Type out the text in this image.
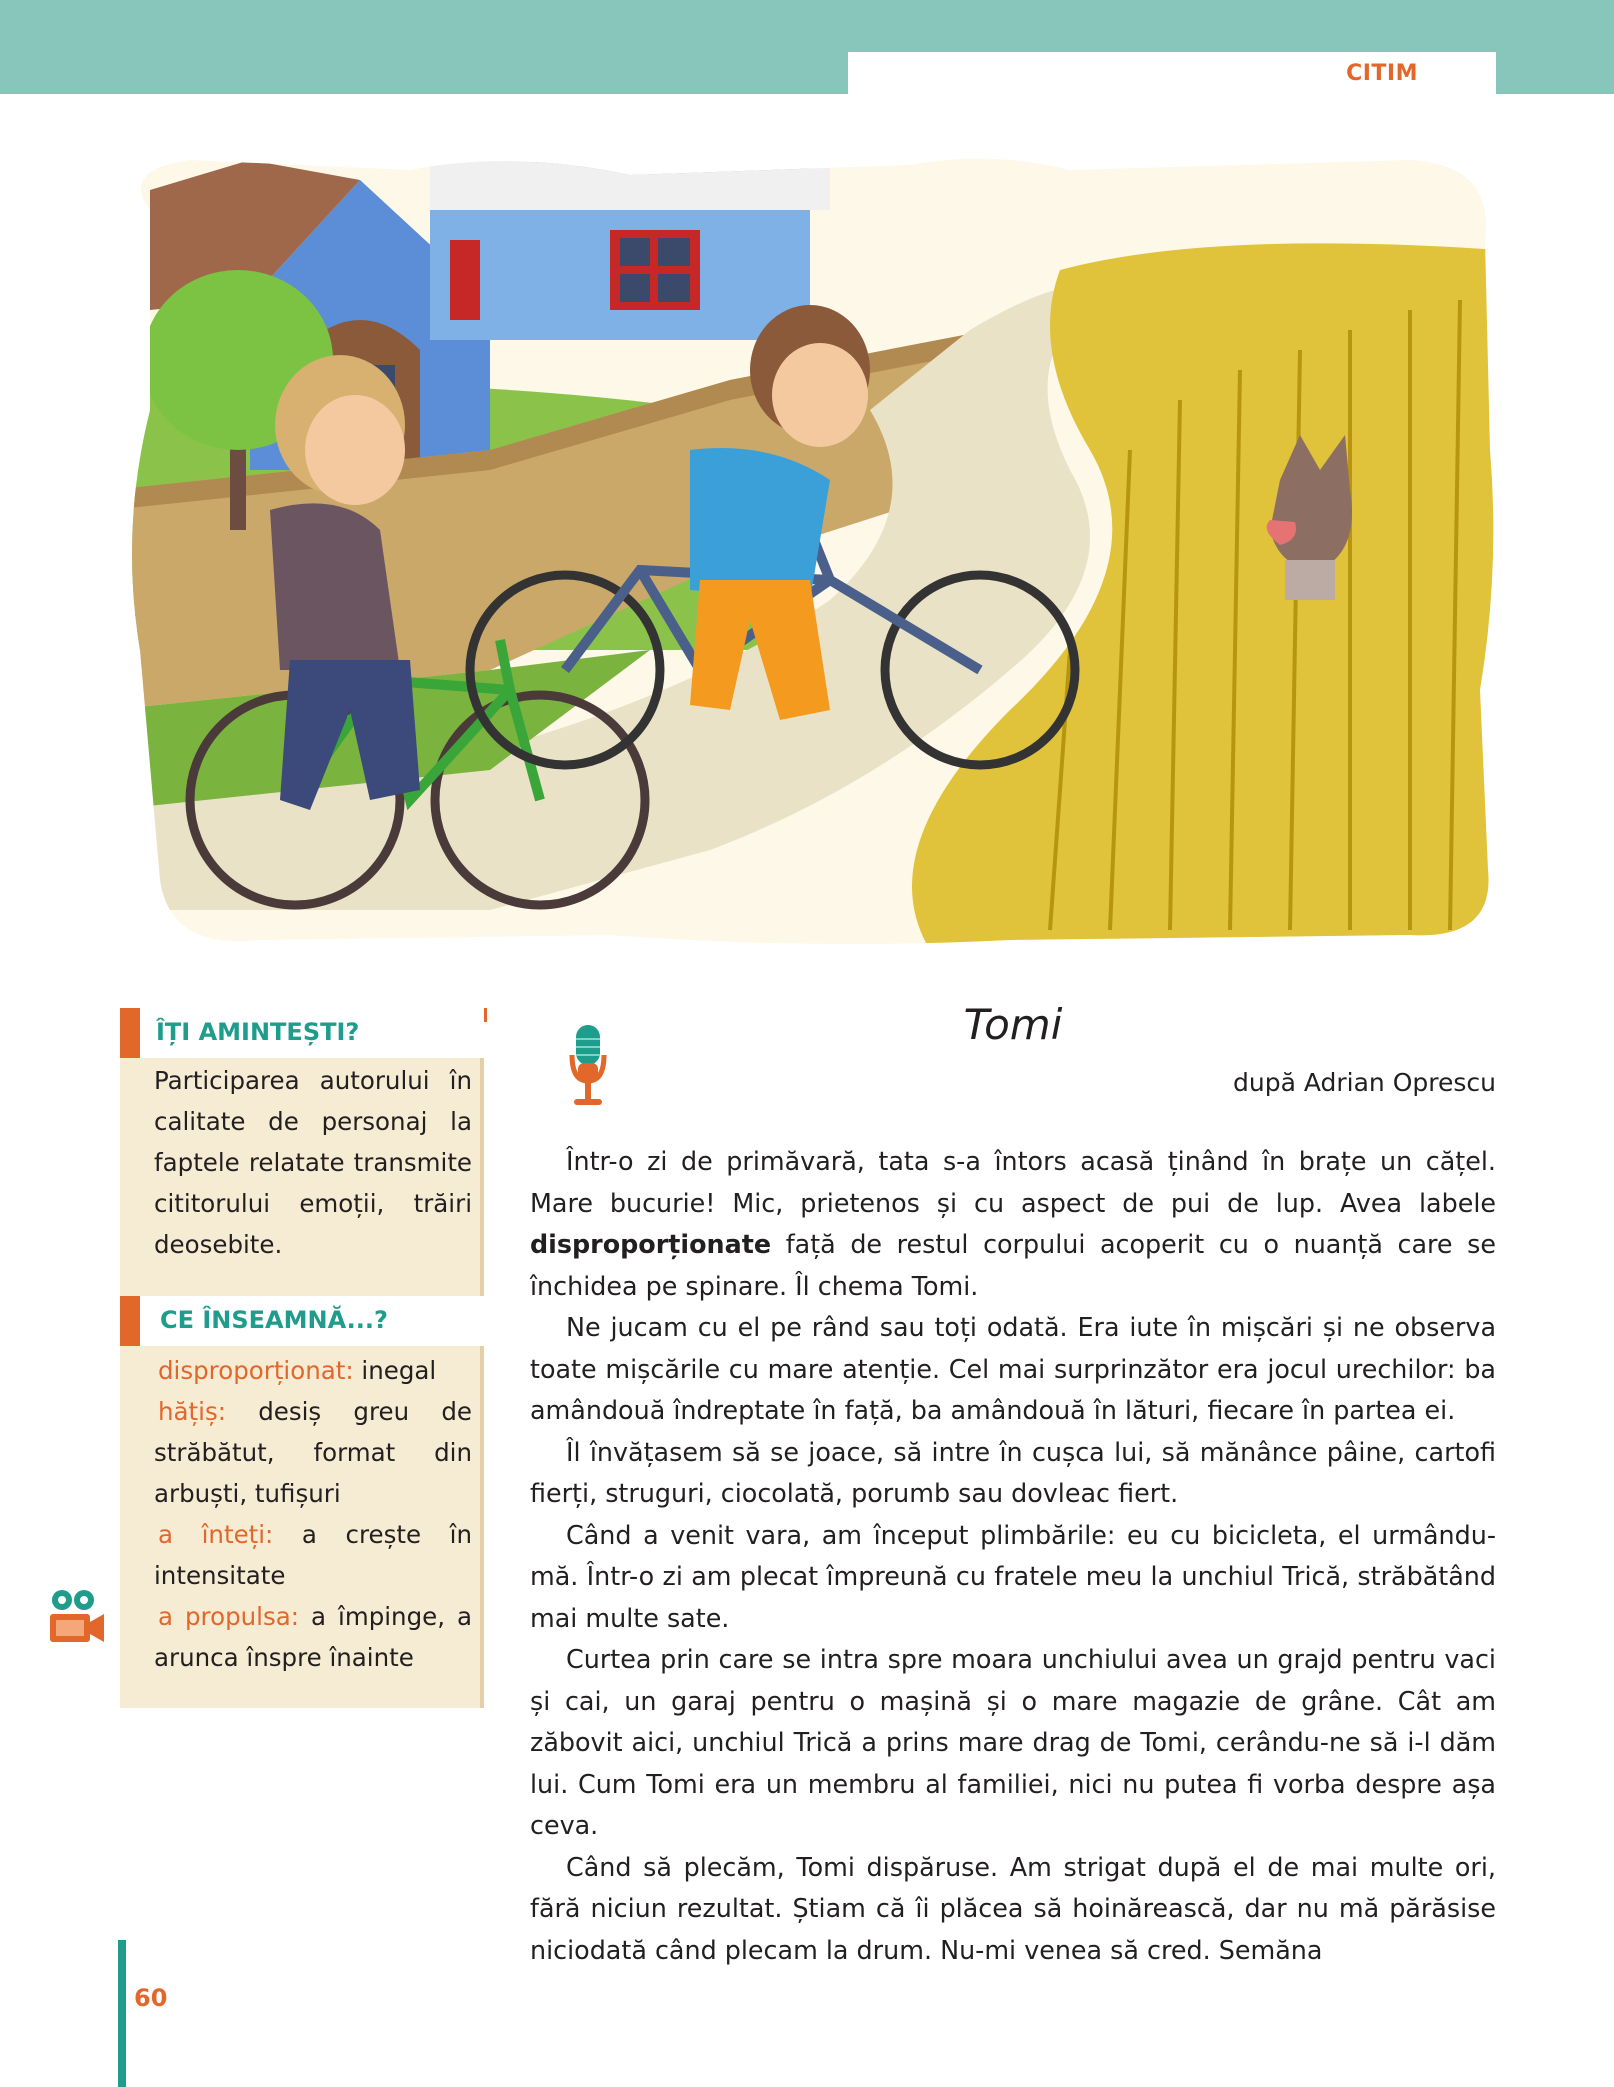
CITIM
ÎȚI AMINTEȘTI?

Participarea autorului în calitate de personaj la faptele relatate transmite cititorului emoții, trăiri deosebite.

CE ÎNSEAMNĂ...?

disproporționat: inegal

hățiș: desiș greu de străbătut, format din arbuști, tufișuri

a înteți: a crește în intensitate

a propulsa: a împinge, a arunca înspre înainte

Tomi
după Adrian Oprescu

Într-o zi de primăvară, tata s-a întors acasă ținând în brațe un cățel. Mare bucurie! Mic, prietenos și cu aspect de pui de lup. Avea labele disproporționate față de restul corpului acoperit cu o nuanță care se închidea pe spinare. Îl chema Tomi.

Ne jucam cu el pe rând sau toți odată. Era iute în mișcări și ne observa toate mișcările cu mare atenție. Cel mai surprinzător era jocul urechilor: ba amândouă îndreptate în față, ba amândouă în lături, fiecare în partea ei.

Îl învățasem să se joace, să intre în cușca lui, să mănânce pâine, cartofi fierți, struguri, ciocolată, porumb sau dovleac fiert.

Când a venit vara, am început plimbările: eu cu bicicleta, el urmându-mă. Într-o zi am plecat împreună cu fratele meu la unchiul Trică, străbătând mai multe sate.

Curtea prin care se intra spre moara unchiului avea un grajd pentru vaci și cai, un garaj pentru o mașină și o mare magazie de grâne. Cât am zăbovit aici, unchiul Trică a prins mare drag de Tomi, cerându-ne să i-l dăm lui. Cum Tomi era un membru al familiei, nici nu putea fi vorba despre așa ceva.

Când să plecăm, Tomi dispăruse. Am strigat după el de mai multe ori, fără niciun rezultat. Știam că îi plăcea să hoinărească, dar nu mă părăsise niciodată când plecam la drum. Nu-mi venea să cred. Semăna

60
